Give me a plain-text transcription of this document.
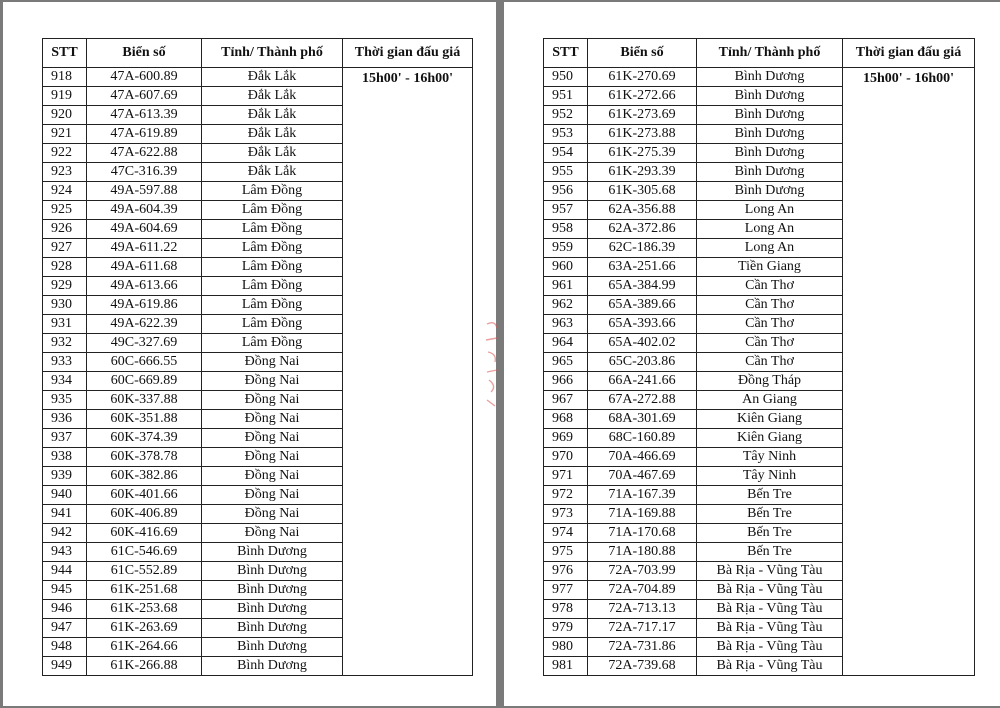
STT	Biển số	Tỉnh/ Thành phố	Thời gian đấu giá
918	47A-600.89	Đắk Lắk	15h00' - 16h00'
919	47A-607.69	Đắk Lắk	
920	47A-613.39	Đắk Lắk	
921	47A-619.89	Đắk Lắk	
922	47A-622.88	Đắk Lắk	
923	47C-316.39	Đắk Lắk	
924	49A-597.88	Lâm Đồng	
925	49A-604.39	Lâm Đồng	
926	49A-604.69	Lâm Đồng	
927	49A-611.22	Lâm Đồng	
928	49A-611.68	Lâm Đồng	
929	49A-613.66	Lâm Đồng	
930	49A-619.86	Lâm Đồng	
931	49A-622.39	Lâm Đồng	
932	49C-327.69	Lâm Đồng	
933	60C-666.55	Đồng Nai	
934	60C-669.89	Đồng Nai	
935	60K-337.88	Đồng Nai	
936	60K-351.88	Đồng Nai	
937	60K-374.39	Đồng Nai	
938	60K-378.78	Đồng Nai	
939	60K-382.86	Đồng Nai	
940	60K-401.66	Đồng Nai	
941	60K-406.89	Đồng Nai	
942	60K-416.69	Đồng Nai	
943	61C-546.69	Bình Dương	
944	61C-552.89	Bình Dương	
945	61K-251.68	Bình Dương	
946	61K-253.68	Bình Dương	
947	61K-263.69	Bình Dương	
948	61K-264.66	Bình Dương	
949	61K-266.88	Bình Dương	
STT	Biển số	Tỉnh/ Thành phố	Thời gian đấu giá
950	61K-270.69	Bình Dương	15h00' - 16h00'
951	61K-272.66	Bình Dương	
952	61K-273.69	Bình Dương	
953	61K-273.88	Bình Dương	
954	61K-275.39	Bình Dương	
955	61K-293.39	Bình Dương	
956	61K-305.68	Bình Dương	
957	62A-356.88	Long An	
958	62A-372.86	Long An	
959	62C-186.39	Long An	
960	63A-251.66	Tiền Giang	
961	65A-384.99	Cần Thơ	
962	65A-389.66	Cần Thơ	
963	65A-393.66	Cần Thơ	
964	65A-402.02	Cần Thơ	
965	65C-203.86	Cần Thơ	
966	66A-241.66	Đồng Tháp	
967	67A-272.88	An Giang	
968	68A-301.69	Kiên Giang	
969	68C-160.89	Kiên Giang	
970	70A-466.69	Tây Ninh	
971	70A-467.69	Tây Ninh	
972	71A-167.39	Bến Tre	
973	71A-169.88	Bến Tre	
974	71A-170.68	Bến Tre	
975	71A-180.88	Bến Tre	
976	72A-703.99	Bà Rịa - Vũng Tàu	
977	72A-704.89	Bà Rịa - Vũng Tàu	
978	72A-713.13	Bà Rịa - Vũng Tàu	
979	72A-717.17	Bà Rịa - Vũng Tàu	
980	72A-731.86	Bà Rịa - Vũng Tàu	
981	72A-739.68	Bà Rịa - Vũng Tàu	
